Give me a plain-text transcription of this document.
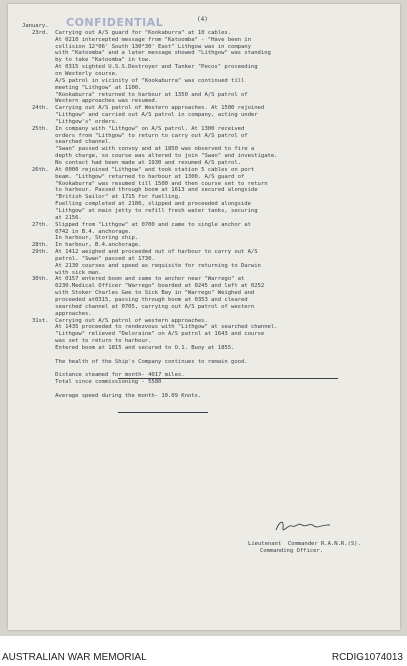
(4)
CONFIDENTIAL
January.
23rd.  Carrying out A/S guard for "Kookaburra" at 10 cables.
At 0210 intercepted message from "Katoomba" - "Have been in
collision 12°06' South 130°30' East" Lithgow was in company
with "Katoomba" and a later message showed "Lithgow" was standing
by to take "Katoomba" in tow.
At 0315 sighted U.S.S.Destroyer and Tanker "Pecos" proceeding
on Westerly course.
A/S patrol in vicinity of "Kookaburra" was continued till
meeting "Lithgow" at 1100.
"Kookaburra" returned to harbour at 1350 and A/S patrol of
Western approaches was resumed.
24th.  Carrying out A/S patrol of Western approaches. At 1500 rejoined
"Lithgow" and carried out A/S patrol in company, acting under
"Lithgow's" orders.
25th.  In company with "Lithgow" on A/S patrol. At 1300 received
orders from "Lithgow" to return to carry out A/S patrol of
searched channel.
"Swan" passed with convoy and at 1850 was observed to fire a
depth charge, so course was altered to join "Swan" and investigate.
No contact had been made at 1930 and resumed A/S patrol.
26th.  At 0000 rejoined "Lithgow" and took station 5 cables on port
beam. "Lithgow" returned to harbour at 1300. A/S guard of
"Kookaburra" was resumed till 1500 and then course set to return
to harbour. Passed through boom at 1613 and secured alongside
"British Sailor" at 1715 for fuelling.
Fuelling completed at 2100, slipped and proceeded alongside
"Lithgow" at main jetty to refill fresh water tanks, securing
at 2156.
27th.  Slipped from "Lithgow" at 0700 and came to single anchor at
0742 in B.4. anchorage.
In harbour, Storing ship.
28th.  In harbour, B.4.anchorage.
29th.  At 1412 weighed and proceeded out of harbour to carry out A/S
patrol. "Swan" passed at 1730.
At 2130 courses and speed as requisite for returning to Darwin
with sick man.
30th.  At 0157 entered boom and came to anchor near "Warrego" at
0230.Medical Officer "Warrego" boarded at 0245 and left at 0252
with Stoker Charles Gee to Sick Bay in "Warrego" Weighed and
proceeded at0315, passing through boom at 0353 and cleared
searched channel at 0705, carrying out A/S patrol of western
approaches.
31st.  Carrying out A/S patrol of western approaches.
At 1435 proceeded to rendezvous with "Lithgow" at searched channel.
"Lithgow" relieved "Deloraine" on A/S patrol at 1643 and course
was set to return to harbour.
Entered boom at 1815 and secured to O.1. Buoy at 1855.
The health of the Ship's Company continues to remain good.
Distance steamed for month- 4017 miles.
Total since commissioning - 5580
Average speed during the month- 10.09 Knots.
Lieutenant  Commander R.A.N.R.(S).
Commanding Officer.
AUSTRALIAN WAR MEMORIAL	RCDIG1074013
